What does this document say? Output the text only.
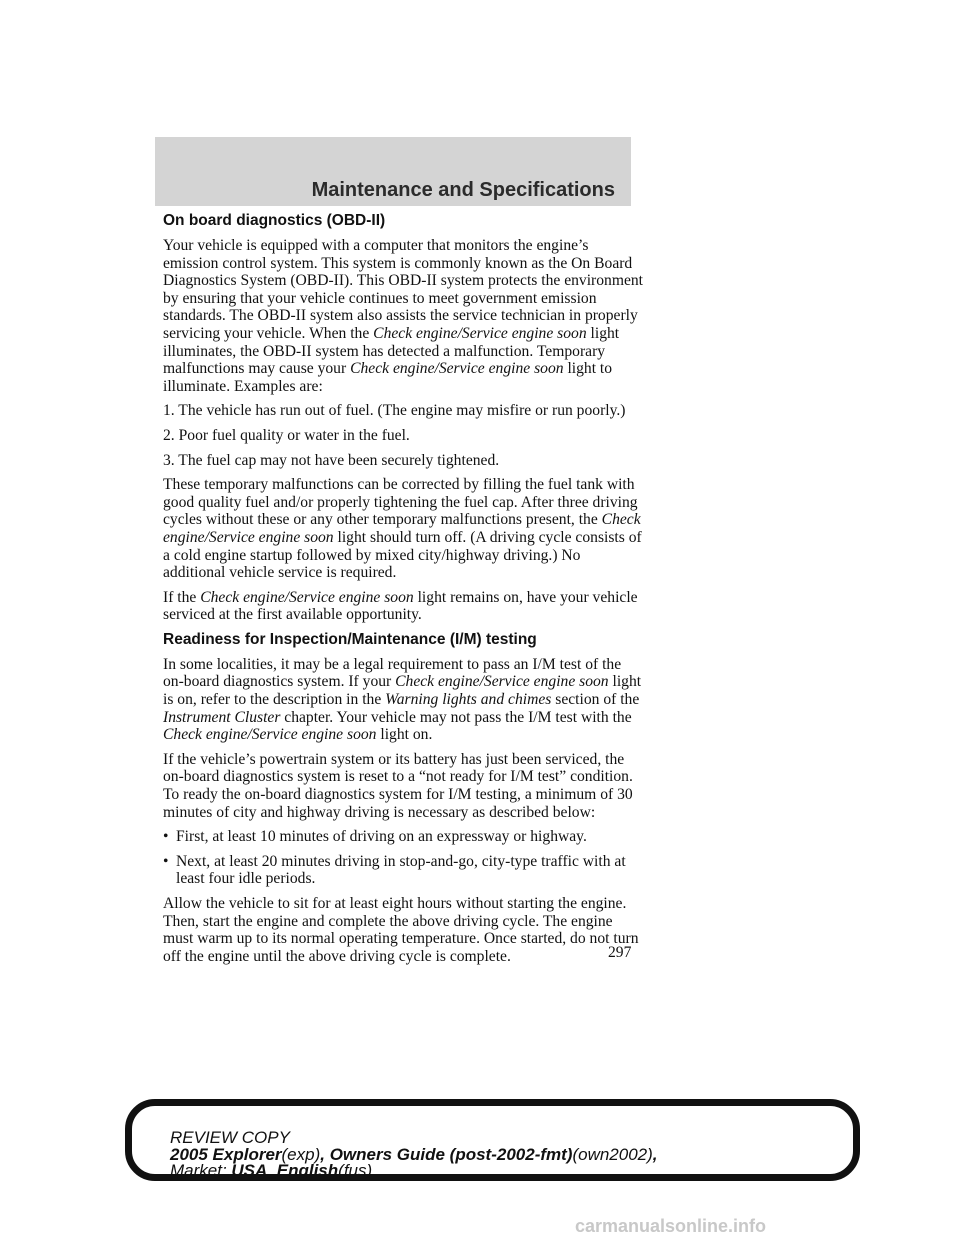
Maintenance and Specifications
On board diagnostics (OBD-II)

Your vehicle is equipped with a computer that monitors the engine’s emission control system. This system is commonly known as the On Board Diagnostics System (OBD-II). This OBD-II system protects the environment by ensuring that your vehicle continues to meet government emission standards. The OBD-II system also assists the service technician in properly servicing your vehicle. When the Check engine/Service engine soon light illuminates, the OBD-II system has detected a malfunction. Temporary malfunctions may cause your Check engine/Service engine soon light to illuminate. Examples are:

1. The vehicle has run out of fuel. (The engine may misfire or run poorly.)

2. Poor fuel quality or water in the fuel.

3. The fuel cap may not have been securely tightened.

These temporary malfunctions can be corrected by filling the fuel tank with good quality fuel and/or properly tightening the fuel cap. After three driving cycles without these or any other temporary malfunctions present, the Check engine/Service engine soon light should turn off. (A driving cycle consists of a cold engine startup followed by mixed city/highway driving.) No additional vehicle service is required.

If the Check engine/Service engine soon light remains on, have your vehicle serviced at the first available opportunity.

Readiness for Inspection/Maintenance (I/M) testing

In some localities, it may be a legal requirement to pass an I/M test of the on-board diagnostics system. If your Check engine/Service engine soon light is on, refer to the description in the Warning lights and chimes section of the Instrument Cluster chapter. Your vehicle may not pass the I/M test with the Check engine/Service engine soon light on.

If the vehicle’s powertrain system or its battery has just been serviced, the on-board diagnostics system is reset to a “not ready for I/M test” condition. To ready the on-board diagnostics system for I/M testing, a minimum of 30 minutes of city and highway driving is necessary as described below:

• First, at least 10 minutes of driving on an expressway or highway.
• Next, at least 20 minutes driving in stop-and-go, city-type traffic with at least four idle periods.

Allow the vehicle to sit for at least eight hours without starting the engine. Then, start the engine and complete the above driving cycle. The engine must warm up to its normal operating temperature. Once started, do not turn off the engine until the above driving cycle is complete.	297
REVIEW COPY
2005 Explorer(exp), Owners Guide (post-2002-fmt)(own2002),
Market: USA_English(fus)
carmanualsonline.info
